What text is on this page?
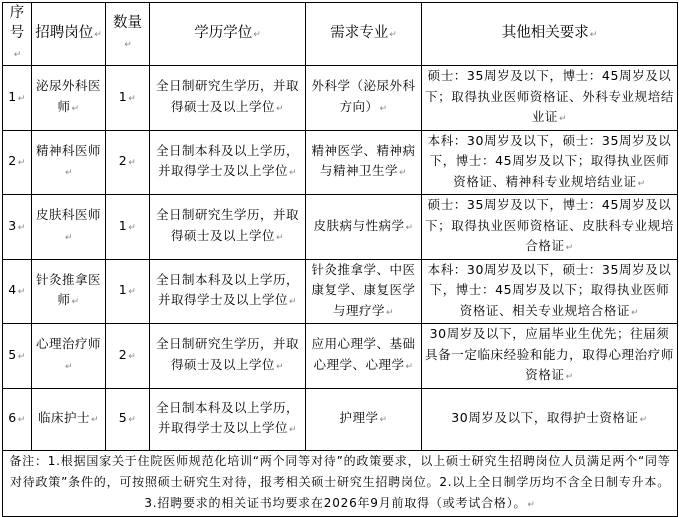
序号↵	招聘岗位↵	数量↵	学历学位↵	需求专业↵	其他相关要求↵
1↵	泌尿外科医师↵	1↵	全日制研究生学历，并取得硕士及以上学位↵	外科学（泌尿外科方向）↵	硕士：35周岁及以下，博士：45周岁及以下；取得执业医师资格证、外科专业规培结业证↵
2↵	精神科医师↵	2↵	全日制本科及以上学历，并取得学士及以上学位↵	精神医学、精神病与精神卫生学↵	本科：30周岁及以下，硕士：35周岁及以下，博士：45周岁及以下；取得执业医师资格证、精神科专业规培结业证↵
3↵	皮肤科医师↵	1↵	全日制研究生学历，并取得硕士及以上学位↵	皮肤病与性病学↵	硕士：35周岁及以下，博士：45周岁及以下；取得执业医师资格证、皮肤科专业规培合格证↵
4↵	针灸推拿医师↵	1↵	全日制本科及以上学历，并取得学士及以上学位↵	针灸推拿学、中医康复学、康复医学与理疗学↵	本科：30周岁及以下，硕士：35周岁及以下，博士：45周岁及以下；取得执业医师资格证、相关专业规培合格证↵
5↵	心理治疗师↵	2↵	全日制研究生学历，并取得硕士及以上学位↵	应用心理学、基础心理学、心理学↵	30周岁及以下，应届毕业生优先；往届须具备一定临床经验和能力，取得心理治疗师资格证↵
6↵	临床护士↵	5↵	全日制本科及以上学历，并取得学士及以上学位↵	护理学↵	30周岁及以下，取得护士资格证↵
备注：1.根据国家关于住院医师规范化培训“两个同等对待”的政策要求，以上硕士研究生招聘岗位人员满足两个“同等对待政策”条件的，可按照硕士研究生对待，报考相关硕士研究生招聘岗位。2.以上全日制学历均不含全日制专升本。3.招聘要求的相关证书均要求在2026年9月前取得（或考试合格）。↵					
